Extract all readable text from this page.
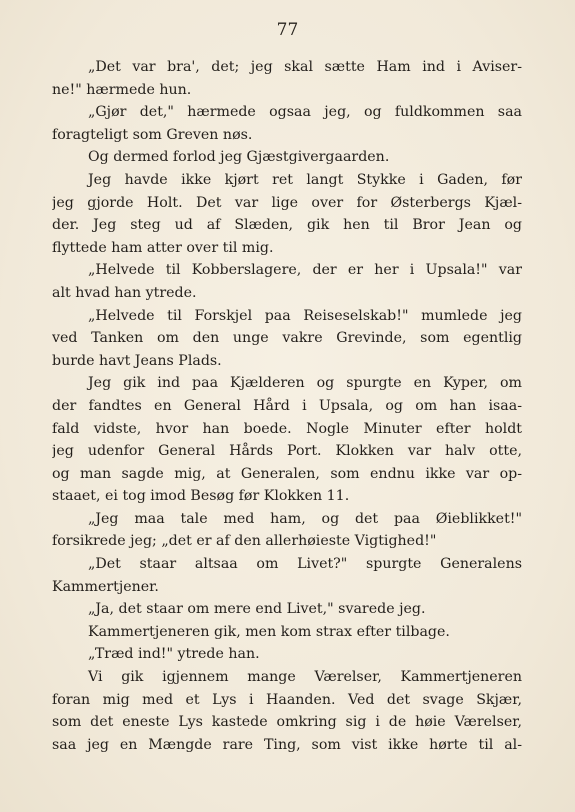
77
„Det var bra', det; jeg skal sætte Ham ind i Aviser-
ne!" hærmede hun.
„Gjør det," hærmede ogsaa jeg, og fuldkommen saa
foragteligt som Greven nøs.
Og dermed forlod jeg Gjæstgivergaarden.
Jeg havde ikke kjørt ret langt Stykke i Gaden, før
jeg gjorde Holt. Det var lige over for Østerbergs Kjæl-
der. Jeg steg ud af Slæden, gik hen til Bror Jean og
flyttede ham atter over til mig.
„Helvede til Kobberslagere, der er her i Upsala!" var
alt hvad han ytrede.
„Helvede til Forskjel paa Reiseselskab!" mumlede jeg
ved Tanken om den unge vakre Grevinde, som egentlig
burde havt Jeans Plads.
Jeg gik ind paa Kjælderen og spurgte en Kyper, om
der fandtes en General Hård i Upsala, og om han isaa-
fald vidste, hvor han boede. Nogle Minuter efter holdt
jeg udenfor General Hårds Port. Klokken var halv otte,
og man sagde mig, at Generalen, som endnu ikke var op-
staaet, ei tog imod Besøg før Klokken 11.
„Jeg maa tale med ham, og det paa Øieblikket!"
forsikrede jeg; „det er af den allerhøieste Vigtighed!"
„Det staar altsaa om Livet?" spurgte Generalens
Kammertjener.
„Ja, det staar om mere end Livet," svarede jeg.
Kammertjeneren gik, men kom strax efter tilbage.
„Træd ind!" ytrede han.
Vi gik igjennem mange Værelser, Kammertjeneren
foran mig med et Lys i Haanden. Ved det svage Skjær,
som det eneste Lys kastede omkring sig i de høie Værelser,
saa jeg en Mængde rare Ting, som vist ikke hørte til al-
